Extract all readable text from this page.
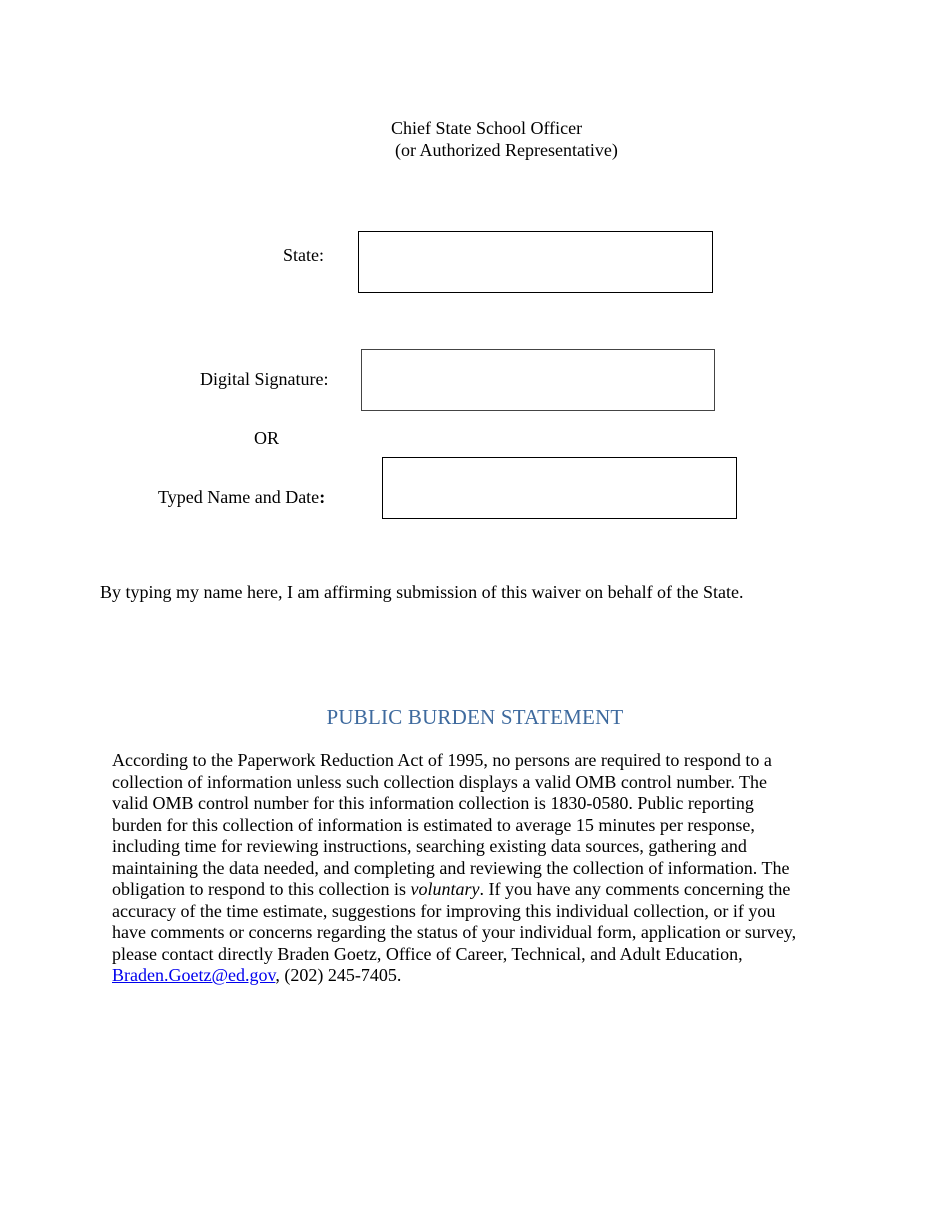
Chief State School Officer
(or Authorized Representative)
State:
Digital Signature:
OR
Typed Name and Date:
By typing my name here, I am affirming submission of this waiver on behalf of the State.
PUBLIC BURDEN STATEMENT

According to the Paperwork Reduction Act of 1995, no persons are required to respond to a

collection of information unless such collection displays a valid OMB control number. The

valid OMB control number for this information collection is 1830-0580. Public reporting

burden for this collection of information is estimated to average 15 minutes per response,

including time for reviewing instructions, searching existing data sources, gathering and

maintaining the data needed, and completing and reviewing the collection of information. The

obligation to respond to this collection is voluntary. If you have any comments concerning the

accuracy of the time estimate, suggestions for improving this individual collection, or if you

have comments or concerns regarding the status of your individual form, application or survey,

please contact directly Braden Goetz, Office of Career, Technical, and Adult Education,

Braden.Goetz@ed.gov, (202) 245-7405.
